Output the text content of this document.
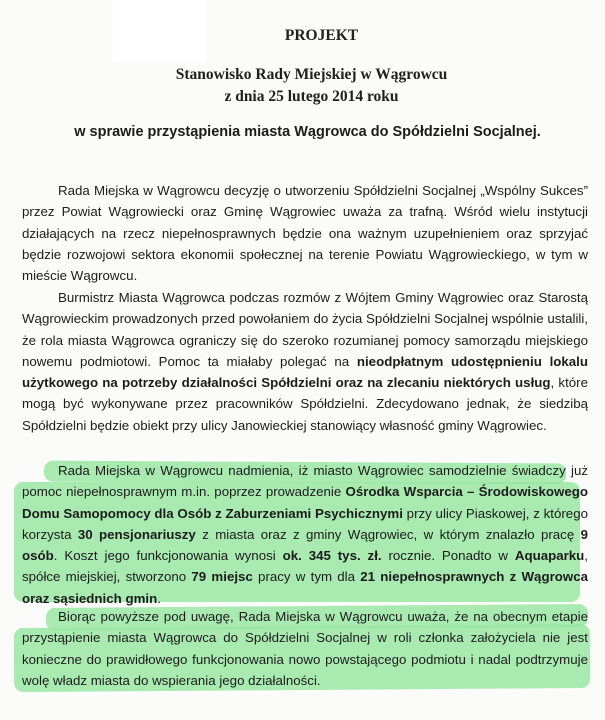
PROJEKT
Stanowisko Rady Miejskiej w Wągrowcu
z dnia 25 lutego 2014 roku
w sprawie przystąpienia miasta Wągrowca do Spółdzielni Socjalnej.
Rada Miejska w Wągrowcu decyzję o utworzeniu Spółdzielni Socjalnej „Wspólny Sukces” przez Powiat Wągrowiecki oraz Gminę Wągrowiec uważa za trafną. Wśród wielu instytucji działających na rzecz niepełnosprawnych będzie ona ważnym uzupełnieniem oraz sprzyjać będzie rozwojowi sektora ekonomii społecznej na terenie Powiatu Wągrowieckiego, w tym w mieście Wągrowcu.
Burmistrz Miasta Wągrowca podczas rozmów z Wójtem Gminy Wągrowiec oraz Starostą Wągrowieckim prowadzonych przed powołaniem do życia Spółdzielni Socjalnej wspólnie ustalili, że rola miasta Wągrowca ograniczy się do szeroko rozumianej pomocy samorządu miejskiego nowemu podmiotowi. Pomoc ta miałaby polegać na nieodpłatnym udostępnieniu lokalu użytkowego na potrzeby działalności Spółdzielni oraz na zlecaniu niektórych usług, które mogą być wykonywane przez pracowników Spółdzielni. Zdecydowano jednak, że siedzibą Spółdzielni będzie obiekt przy ulicy Janowieckiej stanowiący własność gminy Wągrowiec.
Rada Miejska w Wągrowcu nadmienia, iż miasto Wągrowiec samodzielnie świadczy już pomoc niepełnosprawnym m.in. poprzez prowadzenie Ośrodka Wsparcia – Środowiskowego Domu Samopomocy dla Osób z Zaburzeniami Psychicznymi przy ulicy Piaskowej, z którego korzysta 30 pensjonariuszy z miasta oraz z gminy Wągrowiec, w którym znalazło pracę 9 osób. Koszt jego funkcjonowania wynosi ok. 345 tys. zł. rocznie. Ponadto w Aquaparku, spółce miejskiej, stworzono 79 miejsc pracy w tym dla 21 niepełnosprawnych z Wągrowca oraz sąsiednich gmin.
Biorąc powyższe pod uwagę, Rada Miejska w Wągrowcu uważa, że na obecnym etapie przystąpienie miasta Wągrowca do Spółdzielni Socjalnej w roli członka założyciela nie jest konieczne do prawidłowego funkcjonowania nowo powstającego podmiotu i nadal podtrzymuje wolę władz miasta do wspierania jego działalności.
